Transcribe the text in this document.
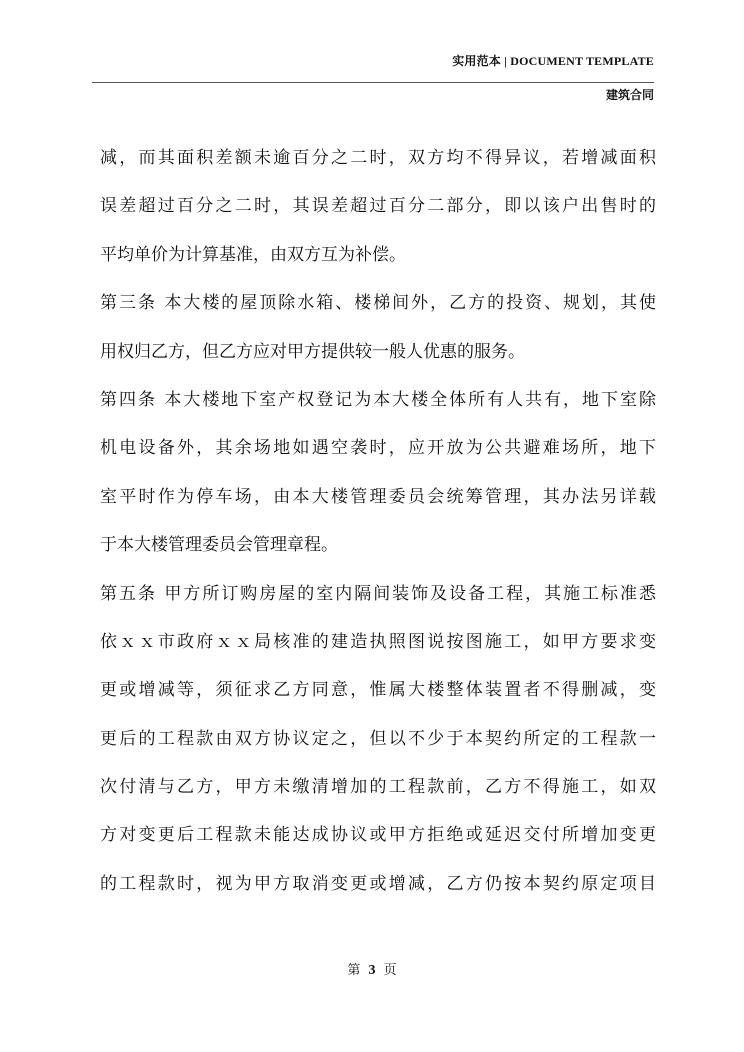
实用范本 | DOCUMENT TEMPLATE
建筑合同
减，而其面积差额未逾百分之二时，双方均不得异议，若增减面积
误差超过百分之二时，其误差超过百分二部分，即以该户出售时的
平均单价为计算基准，由双方互为补偿。
第三条 本大楼的屋顶除水箱、楼梯间外，乙方的投资、规划，其使
用权归乙方，但乙方应对甲方提供较一般人优惠的服务。
第四条 本大楼地下室产权登记为本大楼全体所有人共有，地下室除
机电设备外，其余场地如遇空袭时，应开放为公共避难场所，地下
室平时作为停车场，由本大楼管理委员会统筹管理，其办法另详载
于本大楼管理委员会管理章程。
第五条 甲方所订购房屋的室内隔间装饰及设备工程，其施工标准悉
依ｘｘ市政府ｘｘ局核准的建造执照图说按图施工，如甲方要求变
更或增减等，须征求乙方同意，惟属大楼整体装置者不得删减，变
更后的工程款由双方协议定之，但以不少于本契约所定的工程款一
次付清与乙方，甲方未缴清增加的工程款前，乙方不得施工，如双
方对变更后工程款未能达成协议或甲方拒绝或延迟交付所增加变更
的工程款时，视为甲方取消变更或增减，乙方仍按本契约原定项目
第 3 页
